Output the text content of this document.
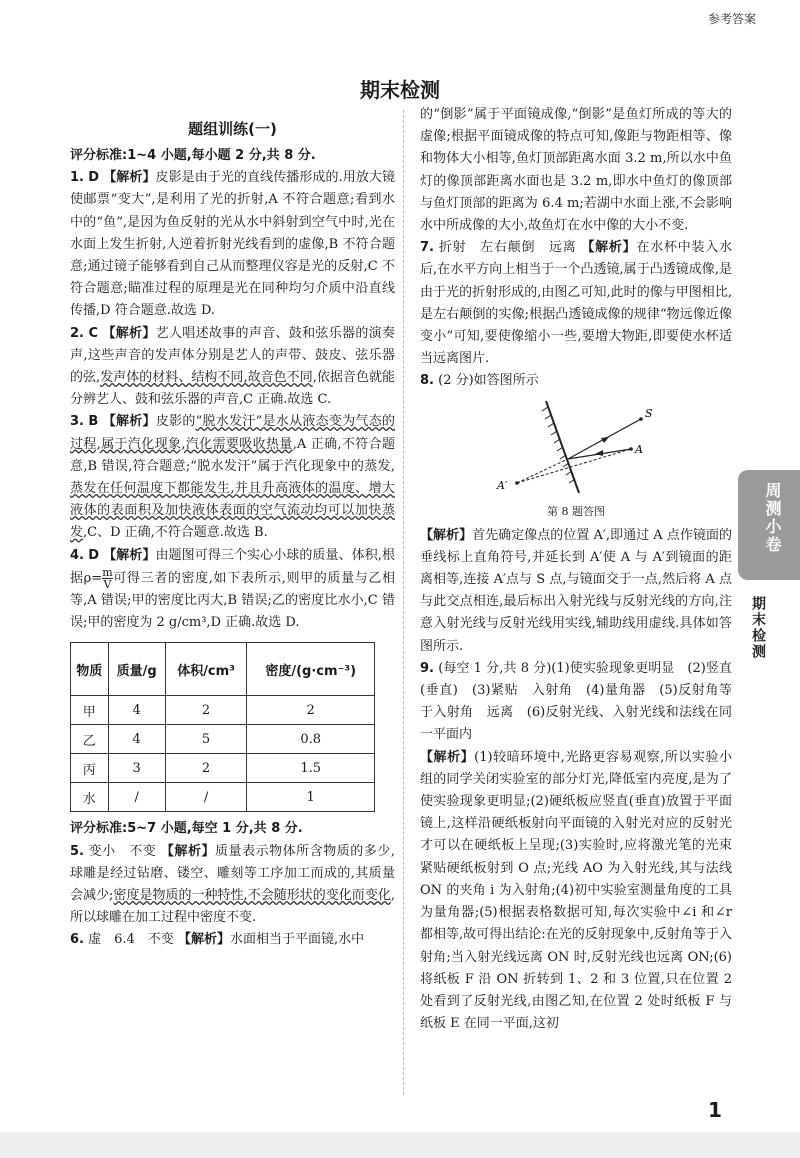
参考答案
期末检测

题组训练(一)

评分标准:1~4 小题,每小题 2 分,共 8 分.

1. D 【解析】皮影是由于光的直线传播形成的.用放大镜使邮票“变大”,是利用了光的折射,A 不符合题意;看到水中的“鱼”,是因为鱼反射的光从水中斜射到空气中时,光在水面上发生折射,人逆着折射光线看到的虚像,B 不符合题意;通过镜子能够看到自己从而整理仪容是光的反射,C 不符合题意;瞄准过程的原理是光在同种均匀介质中沿直线传播,D 符合题意.故选 D.

2. C 【解析】艺人唱述故事的声音、鼓和弦乐器的演奏声,这些声音的发声体分别是艺人的声带、鼓皮、弦乐器的弦,发声体的材料、结构不同,故音色不同,依据音色就能分辨艺人、鼓和弦乐器的声音,C 正确.故选 C.

3. B 【解析】皮影的“脱水发汗”是水从液态变为气态的过程,属于汽化现象,汽化需要吸收热量,A 正确,不符合题意,B 错误,符合题意;“脱水发汗”属于汽化现象中的蒸发,蒸发在任何温度下都能发生,并且升高液体的温度、增大液体的表面积及加快液体表面的空气流动均可以加快蒸发,C、D 正确,不符合题意.故选 B.

4. D 【解析】由题图可得三个实心小球的质量、体积,根据$\rho= \frac{m}{V}$ 可得三者的密度,如下表所示,则甲的质量与乙相等,A 错误;甲的密度比丙大,B 错误;乙的密度比水小,C 错误;甲的密度为 2 g/cm³,D 正确.故选 D.

物质	质量/g	体积/cm³	密度/(g·cm⁻³)
甲	4	2	2
乙	4	5	0.8
丙	3	2	1.5
水	/	/	1

评分标准:5~7 小题,每空 1 分,共 8 分.

5. 变小　不变 【解析】质量表示物体所含物质的多少,球雕是经过钻磨、镂空、雕刻等工序加工而成的,其质量会减少;密度是物质的一种特性,不会随形状的变化而变化,所以球雕在加工过程中密度不变.

6. 虚　6.4　不变 【解析】水面相当于平面镜,水中

的“倒影”属于平面镜成像,“倒影”是鱼灯所成的等大的虚像;根据平面镜成像的特点可知,像距与物距相等、像和物体大小相等,鱼灯顶部距离水面 3.2 m,所以水中鱼灯的像顶部距离水面也是 3.2 m,即水中鱼灯的像顶部与鱼灯顶部的距离为 6.4 m;若湖中水面上涨,不会影响水中所成像的大小,故鱼灯在水中像的大小不变.

7. 折射　左右颠倒　远离 【解析】在水杯中装入水后,在水平方向上相当于一个凸透镜,属于凸透镜成像,是由于光的折射形成的,由图乙可知,此时的像与甲图相比,是左右颠倒的实像;根据凸透镜成像的规律“物远像近像变小”可知,要使像缩小一些,要增大物距,即要使水杯适当远离图片.

8. (2 分)如答图所示

S
A
A′

第 8 题答图

【解析】首先确定像点的位置 A′,即通过 A 点作镜面的垂线标上直角符号,并延长到 A′使 A 与 A′到镜面的距离相等,连接 A′点与 S 点,与镜面交于一点,然后将 A 点与此交点相连,最后标出入射光线与反射光线的方向,注意入射光线与反射光线用实线,辅助线用虚线.具体如答图所示.

9. (每空 1 分,共 8 分)(1)使实验现象更明显　(2)竖直(垂直)　(3)紧贴　入射角　(4)量角器　(5)反射角等于入射角　远离　(6)反射光线、入射光线和法线在同一平面内

【解析】(1)较暗环境中,光路更容易观察,所以实验小组的同学关闭实验室的部分灯光,降低室内亮度,是为了使实验现象更明显;(2)硬纸板应竖直(垂直)放置于平面镜上,这样沿硬纸板射向平面镜的入射光对应的反射光才可以在硬纸板上呈现;(3)实验时,应将激光笔的光束紧贴硬纸板射到 O 点;光线 AO 为入射光线,其与法线 ON 的夹角 i 为入射角;(4)初中实验室测量角度的工具为量角器;(5)根据表格数据可知,每次实验中∠i 和∠r 都相等,故可得出结论:在光的反射现象中,反射角等于入射角;当入射光线远离 ON 时,反射光线也远离 ON;(6)将纸板 F 沿 ON 折转到 1、2 和 3 位置,只在位置 2 处看到了反射光线,由图乙知,在位置 2 处时纸板 F 与纸板 E 在同一平面,这初

周测小卷
期末检测
1
